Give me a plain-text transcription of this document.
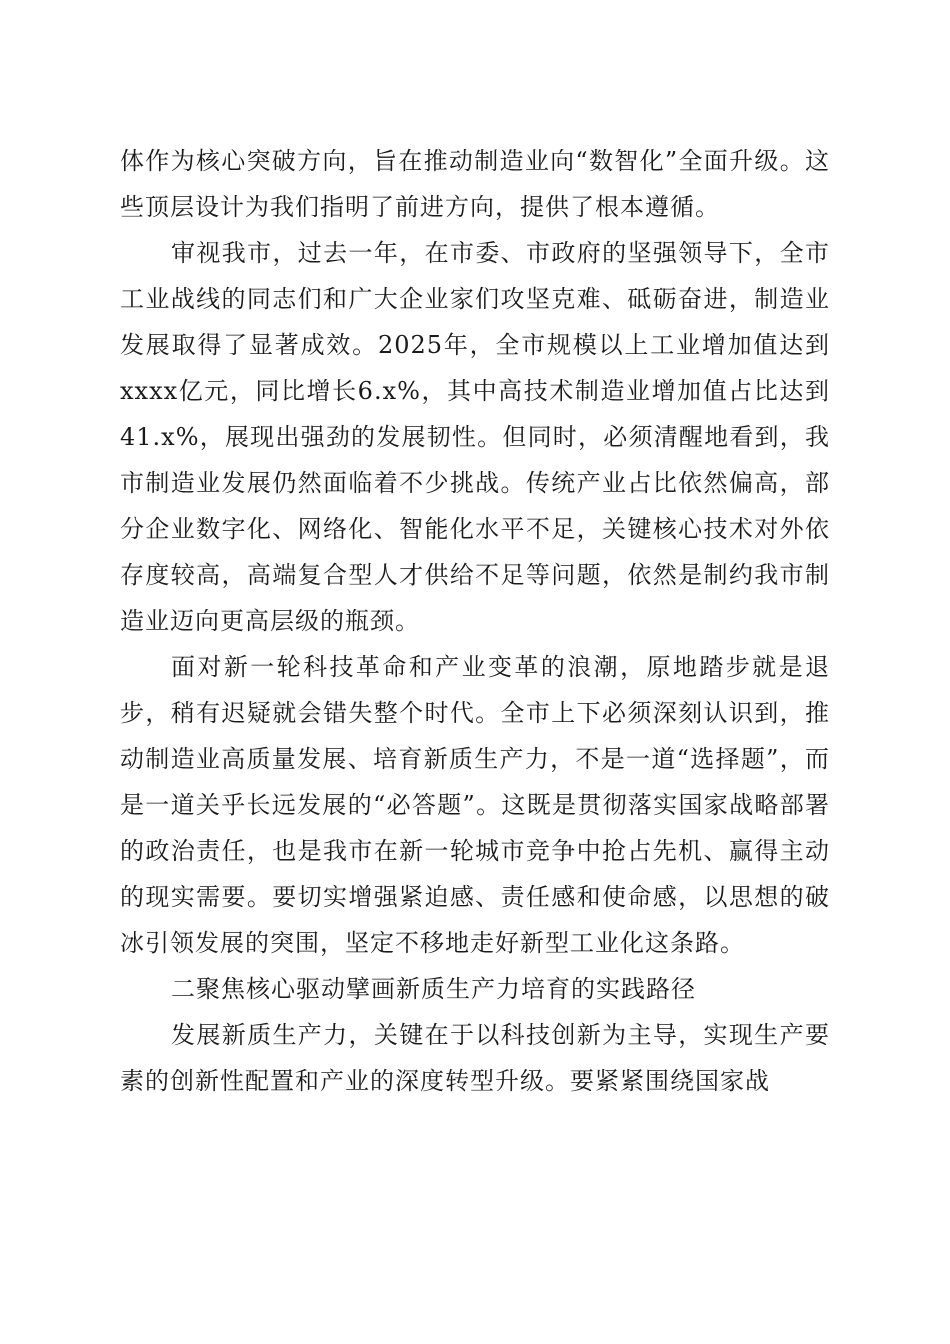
体作为核心突破方向，旨在推动制造业向“数智化”全面升级。这些顶层设计为我们指明了前进方向，提供了根本遵循。

审视我市，过去一年，在市委、市政府的坚强领导下，全市工业战线的同志们和广大企业家们攻坚克难、砥砺奋进，制造业发展取得了显著成效。2025年，全市规模以上工业增加值达到xxxx亿元，同比增长6.x%，其中高技术制造业增加值占比达到41.x%，展现出强劲的发展韧性。但同时，必须清醒地看到，我市制造业发展仍然面临着不少挑战。传统产业占比依然偏高，部分企业数字化、网络化、智能化水平不足，关键核心技术对外依存度较高，高端复合型人才供给不足等问题，依然是制约我市制造业迈向更高层级的瓶颈。

面对新一轮科技革命和产业变革的浪潮，原地踏步就是退步，稍有迟疑就会错失整个时代。全市上下必须深刻认识到，推动制造业高质量发展、培育新质生产力，不是一道“选择题”，而是一道关乎长远发展的“必答题”。这既是贯彻落实国家战略部署的政治责任，也是我市在新一轮城市竞争中抢占先机、赢得主动的现实需要。要切实增强紧迫感、责任感和使命感，以思想的破冰引领发展的突围，坚定不移地走好新型工业化这条路。

二聚焦核心驱动擘画新质生产力培育的实践路径

发展新质生产力，关键在于以科技创新为主导，实现生产要素的创新性配置和产业的深度转型升级。要紧紧围绕国家战
